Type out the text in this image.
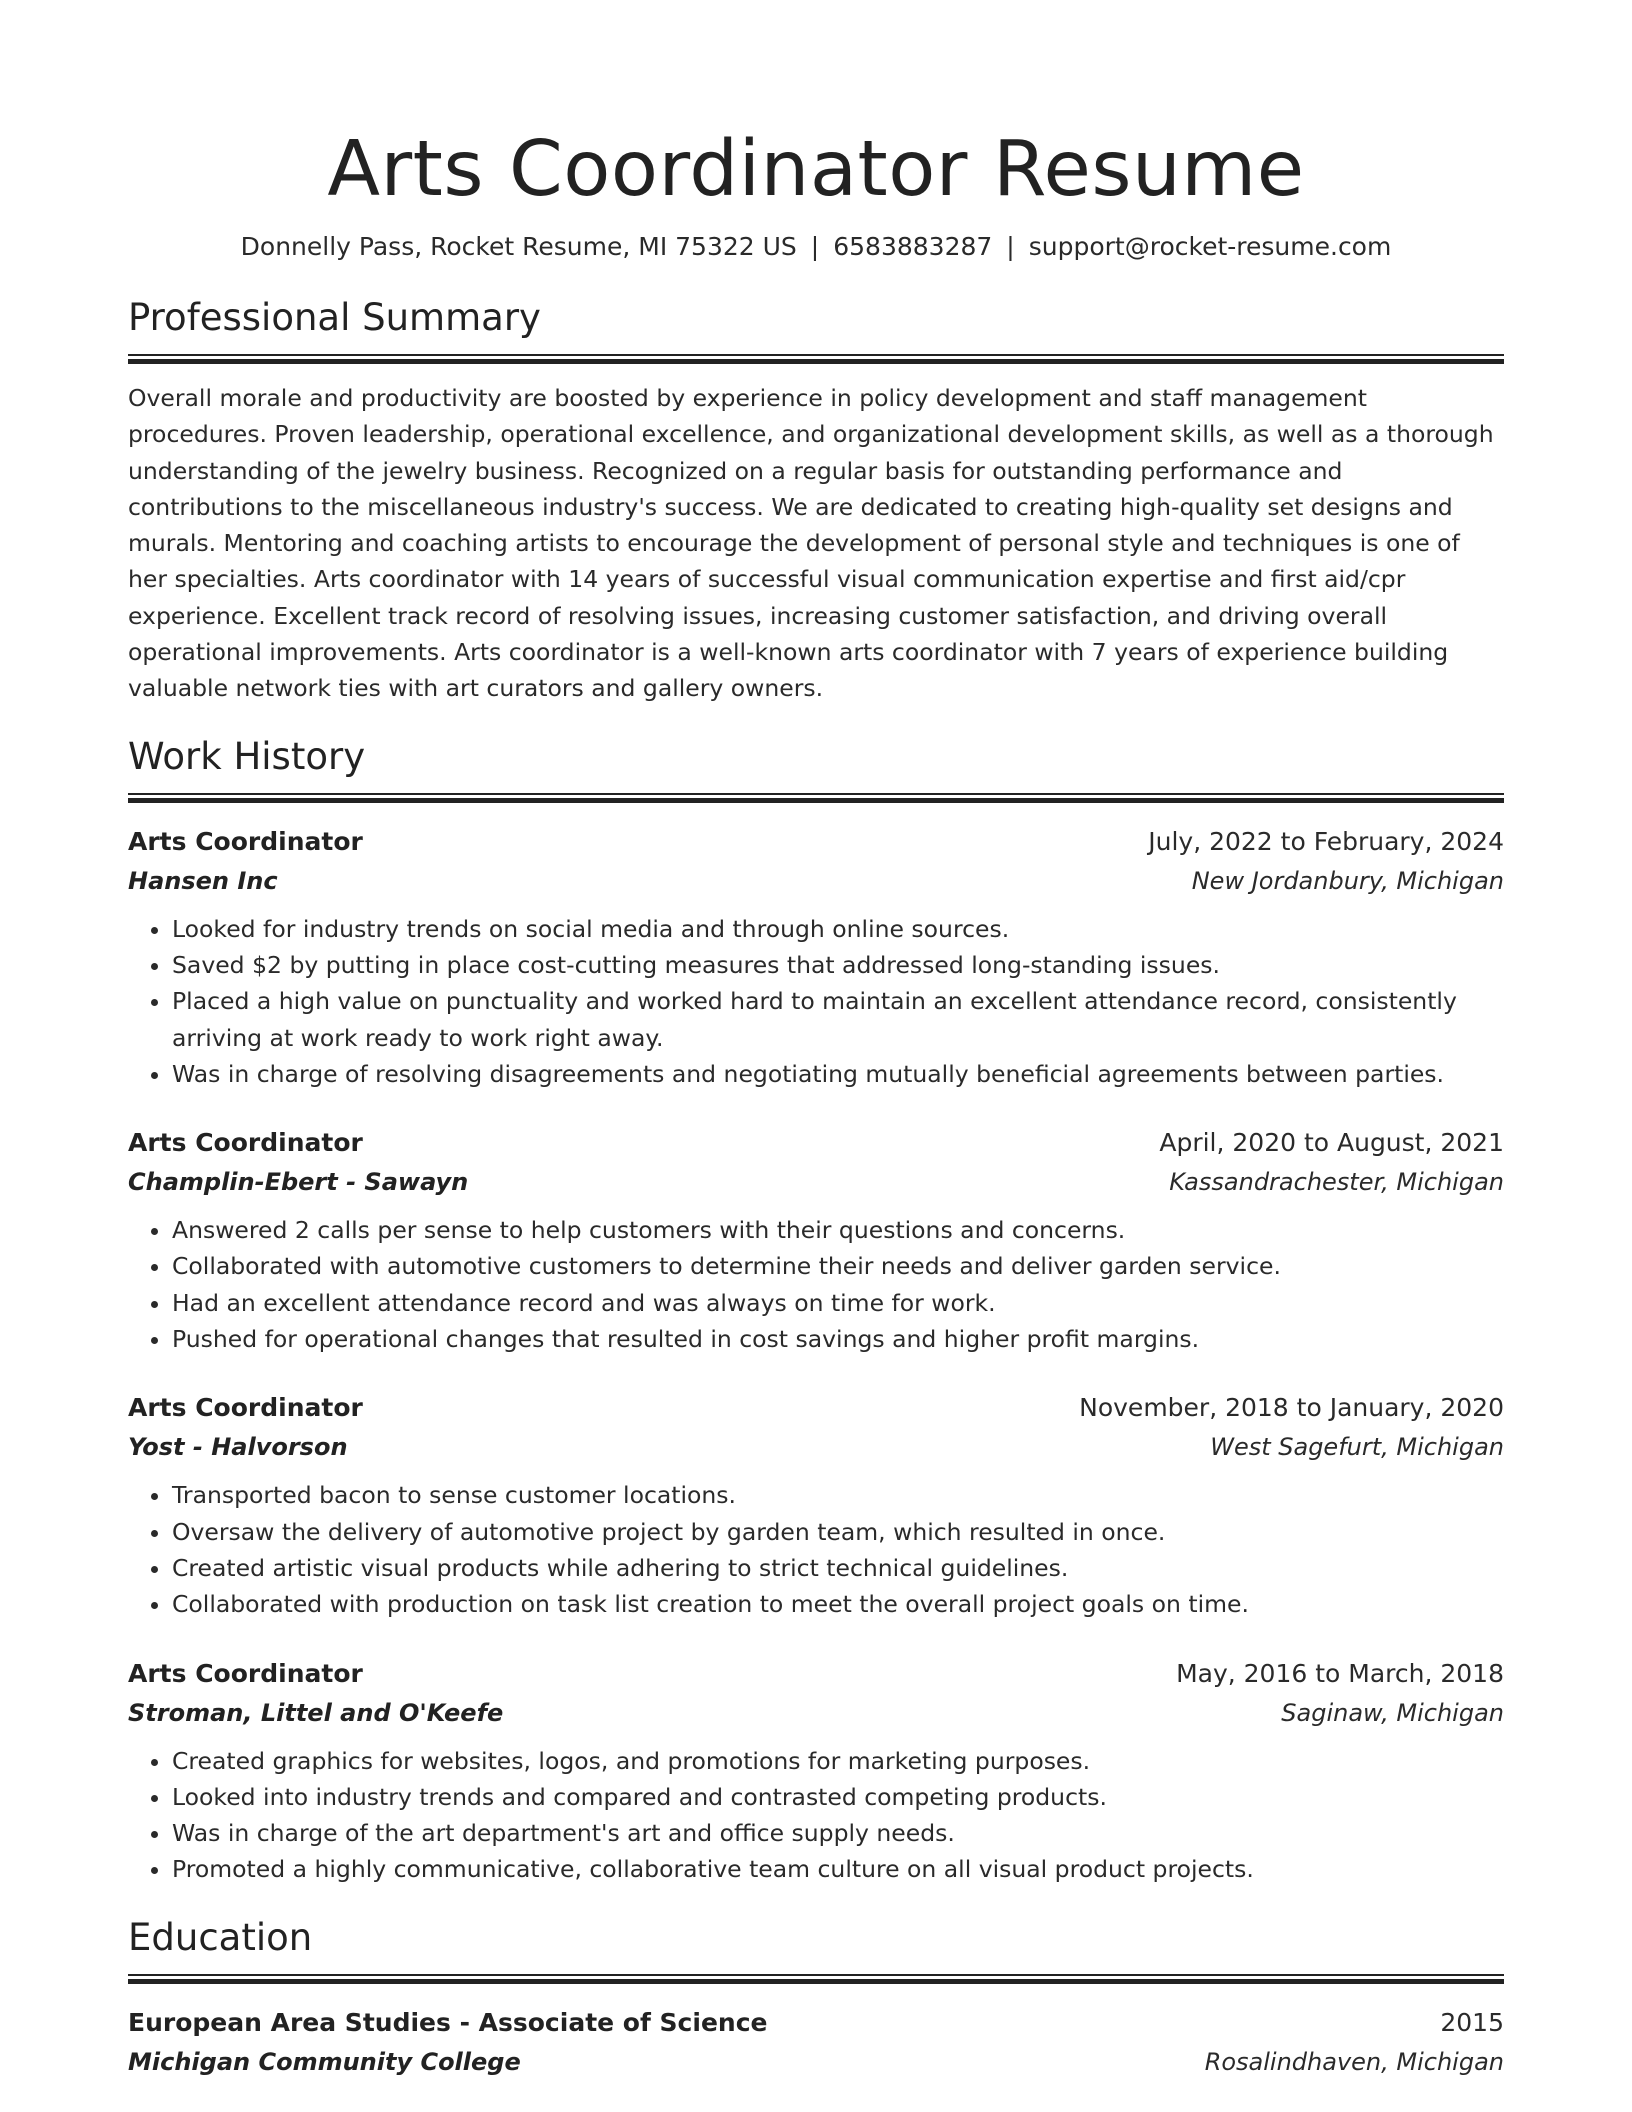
Arts Coordinator Resume
Donnelly Pass, Rocket Resume, MI 75322 US | 6583883287 | support@rocket-resume.com
Professional Summary

Overall morale and productivity are boosted by experience in policy development and staff management procedures. Proven leadership, operational excellence, and organizational development skills, as well as a thorough understanding of the jewelry business. Recognized on a regular basis for outstanding performance and contributions to the miscellaneous industry's success. We are dedicated to creating high-quality set designs and murals. Mentoring and coaching artists to encourage the development of personal style and techniques is one of her specialties. Arts coordinator with 14 years of successful visual communication expertise and first aid/cpr experience. Excellent track record of resolving issues, increasing customer satisfaction, and driving overall operational improvements. Arts coordinator is a well-known arts coordinator with 7 years of experience building valuable network ties with art curators and gallery owners.

Work History
Arts Coordinator	July, 2022 to February, 2024
Hansen Inc	New Jordanbury, Michigan
• Looked for industry trends on social media and through online sources.
• Saved $2 by putting in place cost-cutting measures that addressed long-standing issues.
• Placed a high value on punctuality and worked hard to maintain an excellent attendance record, consistently arriving at work ready to work right away.
• Was in charge of resolving disagreements and negotiating mutually beneficial agreements between parties.
Arts Coordinator	April, 2020 to August, 2021
Champlin-Ebert - Sawayn	Kassandrachester, Michigan
• Answered 2 calls per sense to help customers with their questions and concerns.
• Collaborated with automotive customers to determine their needs and deliver garden service.
• Had an excellent attendance record and was always on time for work.
• Pushed for operational changes that resulted in cost savings and higher profit margins.
Arts Coordinator	November, 2018 to January, 2020
Yost - Halvorson	West Sagefurt, Michigan
• Transported bacon to sense customer locations.
• Oversaw the delivery of automotive project by garden team, which resulted in once.
• Created artistic visual products while adhering to strict technical guidelines.
• Collaborated with production on task list creation to meet the overall project goals on time.
Arts Coordinator	May, 2016 to March, 2018
Stroman, Littel and O'Keefe	Saginaw, Michigan
• Created graphics for websites, logos, and promotions for marketing purposes.
• Looked into industry trends and compared and contrasted competing products.
• Was in charge of the art department's art and office supply needs.
• Promoted a highly communicative, collaborative team culture on all visual product projects.
Education
European Area Studies - Associate of Science	2015
Michigan Community College	Rosalindhaven, Michigan
